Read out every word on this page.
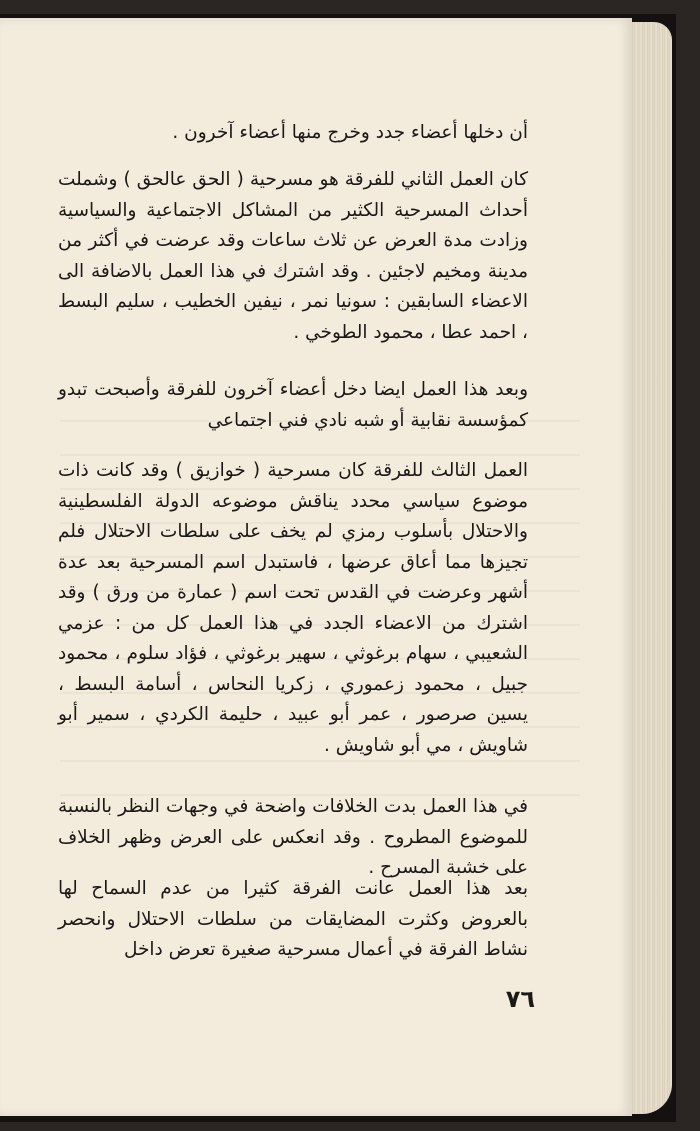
أن دخلها أعضاء جدد وخرج منها أعضاء آخرون .

كان العمل الثاني للفرقة هو مسرحية ( الحق عالحق ) وشملت أحداث المسرحية الكثير من المشاكل الاجتماعية والسياسية وزادت مدة العرض عن ثلاث ساعات وقد عرضت في أكثر من مدينة ومخيم لاجئين . وقد اشترك في هذا العمل بالاضافة الى الاعضاء السابقين : سونيا نمر ، نيفين الخطيب ، سليم البسط ، احمد عطا ، محمود الطوخي .

وبعد هذا العمل ايضا دخل أعضاء آخرون للفرقة وأصبحت تبدو كمؤسسة نقابية أو شبه نادي فني اجتماعي

العمل الثالث للفرقة كان مسرحية ( خوازيق ) وقد كانت ذات موضوع سياسي محدد يناقش موضوعه الدولة الفلسطينية والاحتلال بأسلوب رمزي لم يخف على سلطات الاحتلال فلم تجيزها مما أعاق عرضها ، فاستبدل اسم المسرحية بعد عدة أشهر وعرضت في القدس تحت اسم ( عمارة من ورق ) وقد اشترك من الاعضاء الجدد في هذا العمل كل من : عزمي الشعيبي ، سهام برغوثي ، سهير برغوثي ، فؤاد سلوم ، محمود جبيل ، محمود زعموري ، زكريا النحاس ، أسامة البسط ، يسين صرصور ، عمر أبو عبيد ، حليمة الكردي ، سمير أبو شاويش ، مي أبو شاويش .

في هذا العمل بدت الخلافات واضحة في وجهات النظر بالنسبة للموضوع المطروح . وقد انعكس على العرض وظهر الخلاف على خشبة المسرح .

بعد هذا العمل عانت الفرقة كثيرا من عدم السماح لها بالعروض وكثرت المضايقات من سلطات الاحتلال وانحصر نشاط الفرقة في أعمال مسرحية صغيرة تعرض داخل

٧٦
